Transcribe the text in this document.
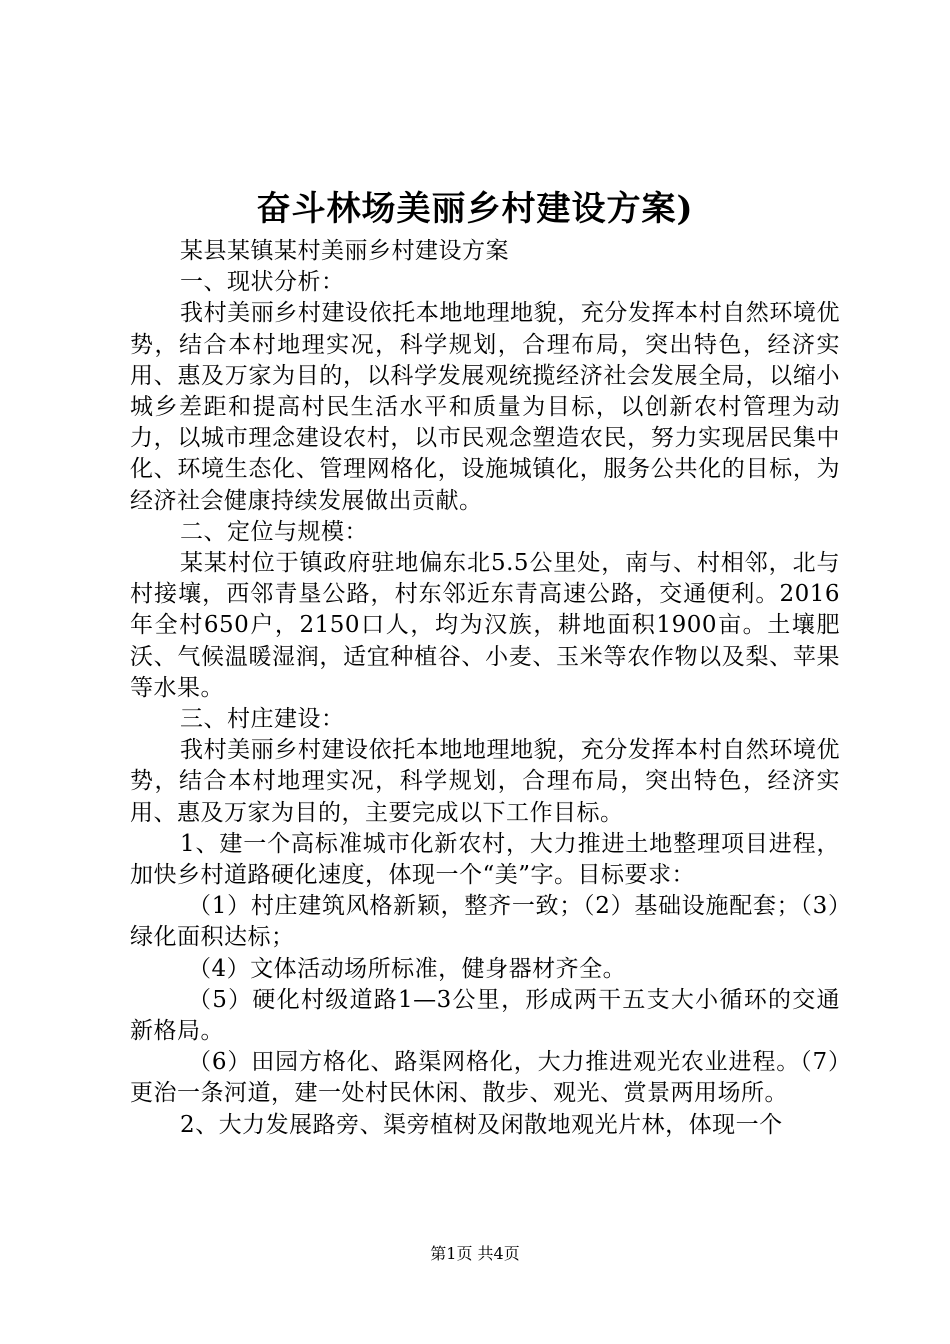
奋斗林场美丽乡村建设方案)

某县某镇某村美丽乡村建设方案

一、现状分析：

我村美丽乡村建设依托本地地理地貌，充分发挥本村自然环境优势，结合本村地理实况，科学规划，合理布局，突出特色，经济实用、惠及万家为目的，以科学发展观统揽经济社会发展全局，以缩小城乡差距和提高村民生活水平和质量为目标，以创新农村管理为动力，以城市理念建设农村，以市民观念塑造农民，努力实现居民集中化、环境生态化、管理网格化，设施城镇化，服务公共化的目标，为经济社会健康持续发展做出贡献。

二、定位与规模：

某某村位于镇政府驻地偏东北5.5公里处，南与、村相邻，北与村接壤，西邻青垦公路，村东邻近东青高速公路，交通便利。2016年全村650户，2150口人，均为汉族，耕地面积1900亩。土壤肥沃、气候温暖湿润，适宜种植谷、小麦、玉米等农作物以及梨、苹果等水果。

三、村庄建设：

我村美丽乡村建设依托本地地理地貌，充分发挥本村自然环境优势，结合本村地理实况，科学规划，合理布局，突出特色，经济实用、惠及万家为目的，主要完成以下工作目标。

1、建一个高标准城市化新农村，大力推进土地整理项目进程，加快乡村道路硬化速度，体现一个“美”字。目标要求：

（1）村庄建筑风格新颖，整齐一致；（2）基础设施配套；（3）绿化面积达标；

（4）文体活动场所标准，健身器材齐全。

（5）硬化村级道路1—3公里，形成两干五支大小循环的交通新格局。

（6）田园方格化、路渠网格化，大力推进观光农业进程。（7）更治一条河道，建一处村民休闲、散步、观光、赏景两用场所。

2、大力发展路旁、渠旁植树及闲散地观光片林，体现一个

第1页 共4页
